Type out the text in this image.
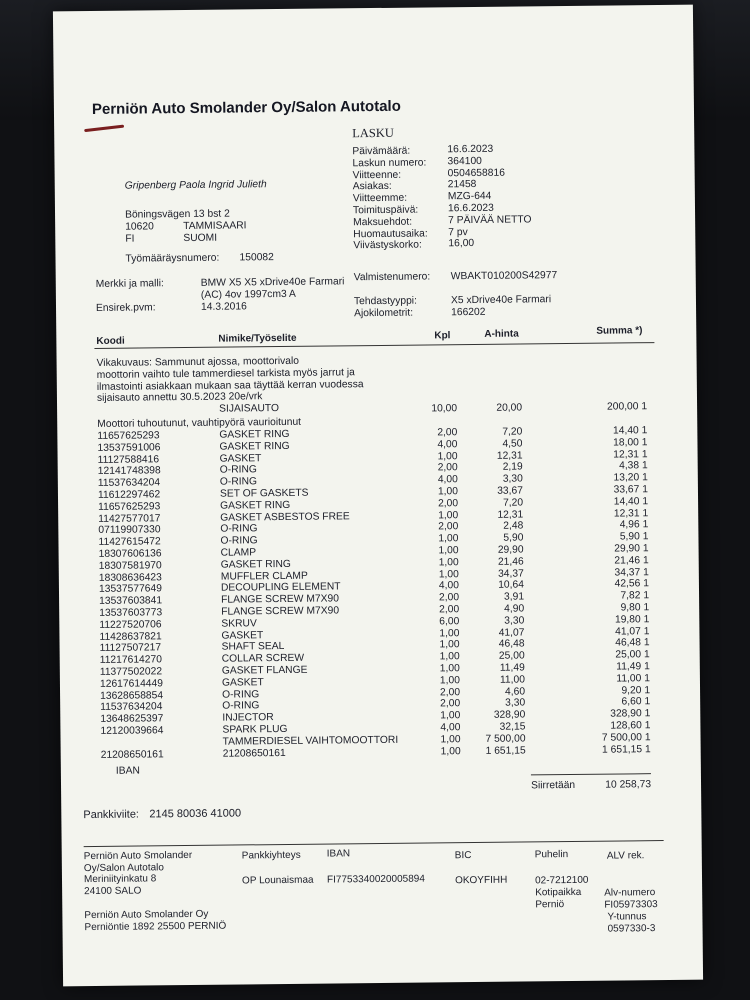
Perniön Auto Smolander Oy/Salon Autotalo
LASKU
Gripenberg Paola Ingrid Julieth
Böningsvägen 13 bst 2
10620	TAMMISAARI
FI	SUOMI
Työmääräysnumero: 150082
Päivämäärä:	16.6.2023
Laskun numero: 364100
Viitteenne:	0504658816
Asiakas:	21458
Viitteemme:	MZG-644
Toimituspäivä:	16.6.2023
Maksuehdot:	7 PÄIVÄÄ NETTO
Huomautusaika: 7 pv
Viivästyskorko:	16,00
Merkki ja malli:	BMW X5 X5 xDrive40e Farmari
(AC) 4ov 1997cm3 A
Ensirek.pvm:	14.3.2016
Valmistenumero: WBAKT010200S42977
Tehdastyyppi:	X5 xDrive40e Farmari
Ajokilometrit:	166202
Koodi	Nimike/Työselite	Kpl	A-hinta	Summa *)
Vikakuvaus: Sammunut ajossa, moottorivalo
moottorin vaihto tule tammerdiesel tarkista myös jarrut ja
ilmastointi asiakkaan mukaan saa täyttää kerran vuodessa
sijaisauto annettu 30.5.2023 20e/vrk
SIJAISAUTO	10,00	20,00	200,00 1
Moottori tuhoutunut, vauhtipyörä vaurioitunut
11657625293	GASKET RING	2,00	7,20	14,40 1
13537591006	GASKET RING	4,00	4,50	18,00 1
11127588416	GASKET	1,00	12,31	12,31 1
12141748398	O-RING	2,00	2,19	4,38 1
11537634204	O-RING	4,00	3,30	13,20 1
11612297462	SET OF GASKETS	1,00	33,67	33,67 1
11657625293	GASKET RING	2,00	7,20	14,40 1
11427577017	GASKET ASBESTOS FREE	1,00	12,31	12,31 1
07119907330	O-RING	2,00	2,48	4,96 1
11427615472	O-RING	1,00	5,90	5,90 1
18307606136	CLAMP	1,00	29,90	29,90 1
18307581970	GASKET RING	1,00	21,46	21,46 1
18308636423	MUFFLER CLAMP	1,00	34,37	34,37 1
13537577649	DECOUPLING ELEMENT	4,00	10,64	42,56 1
13537603841	FLANGE SCREW M7X90	2,00	3,91	7,82 1
13537603773	FLANGE SCREW M7X90	2,00	4,90	9,80 1
11227520706	SKRUV	6,00	3,30	19,80 1
11428637821	GASKET	1,00	41,07	41,07 1
11127507217	SHAFT SEAL	1,00	46,48	46,48 1
11217614270	COLLAR SCREW	1,00	25,00	25,00 1
11377502022	GASKET FLANGE	1,00	11,49	11,49 1
12617614449	GASKET	1,00	11,00	11,00 1
13628658854	O-RING	2,00	4,60	9,20 1
11537634204	O-RING	2,00	3,30	6,60 1
13648625397	INJECTOR	1,00	328,90	328,90 1
12120039664	SPARK PLUG	4,00	32,15	128,60 1
TAMMERDIESEL VAIHTOMOOTTORI	1,00	7 500,00	7 500,00 1
21208650161	21208650161	1,00	1 651,15	1 651,15 1
IBAN
Siirretään	10 258,73
Pankkiviite: 2145 80036 41000
Perniön Auto Smolander
Oy/Salon Autotalo
Meriniityinkatu 8
24100 SALO
Perniön Auto Smolander Oy
Perniöntie 1892 25500 PERNIÖ
Pankkiyhteys
OP Lounaismaa
IBAN
FI7753340020005894
BIC
OKOYFIHH
Puhelin
02-7212100
Kotipaikka
Perniö
ALV rek.
Alv-numero
FI05973303
Y-tunnus
0597330-3
